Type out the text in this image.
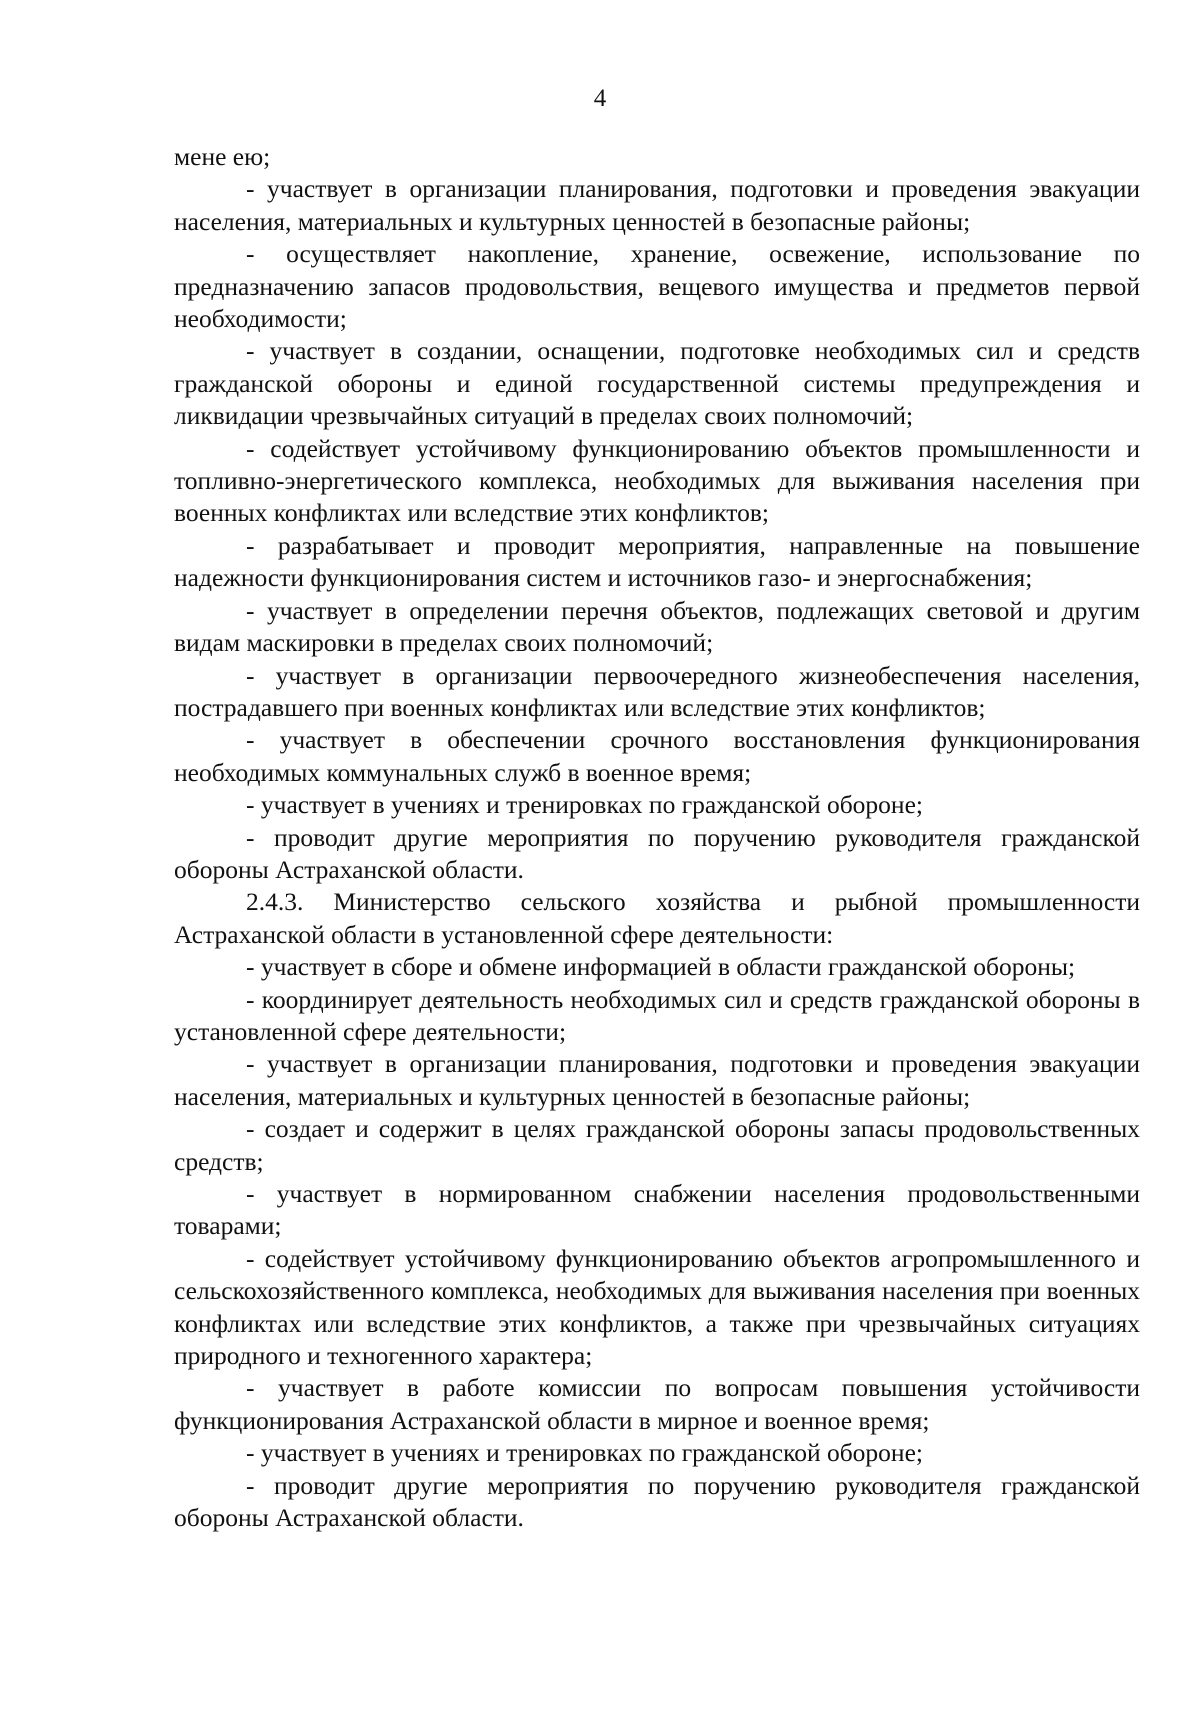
4

мене ею;

- участвует в организации планирования, подготовки и проведения эвакуации населения, материальных и культурных ценностей в безопасные районы;

- осуществляет накопление, хранение, освежение, использование по предназначению запасов продовольствия, вещевого имущества и предметов первой необходимости;

- участвует в создании, оснащении, подготовке необходимых сил и средств гражданской обороны и единой государственной системы предупреждения и ликвидации чрезвычайных ситуаций в пределах своих полномочий;

- содействует устойчивому функционированию объектов промышленности и топливно-энергетического комплекса, необходимых для выживания населения при военных конфликтах или вследствие этих конфликтов;

- разрабатывает и проводит мероприятия, направленные на повышение надежности функционирования систем и источников газо- и энергоснабжения;

- участвует в определении перечня объектов, подлежащих световой и другим видам маскировки в пределах своих полномочий;

- участвует в организации первоочередного жизнеобеспечения населения, пострадавшего при военных конфликтах или вследствие этих конфликтов;

- участвует в обеспечении срочного восстановления функционирования необходимых коммунальных служб в военное время;

- участвует в учениях и тренировках по гражданской обороне;

- проводит другие мероприятия по поручению руководителя гражданской обороны Астраханской области.

2.4.3. Министерство сельского хозяйства и рыбной промышленности Астраханской области в установленной сфере деятельности:

- участвует в сборе и обмене информацией в области гражданской обороны;

- координирует деятельность необходимых сил и средств гражданской обороны в установленной сфере деятельности;

- участвует в организации планирования, подготовки и проведения эвакуации населения, материальных и культурных ценностей в безопасные районы;

- создает и содержит в целях гражданской обороны запасы продовольственных средств;

- участвует в нормированном снабжении населения продовольственными товарами;

- содействует устойчивому функционированию объектов агропромышленного и сельскохозяйственного комплекса, необходимых для выживания населения при военных конфликтах или вследствие этих конфликтов, а также при чрезвычайных ситуациях природного и техногенного характера;

- участвует в работе комиссии по вопросам повышения устойчивости функционирования Астраханской области в мирное и военное время;

- участвует в учениях и тренировках по гражданской обороне;

- проводит другие мероприятия по поручению руководителя гражданской обороны Астраханской области.
